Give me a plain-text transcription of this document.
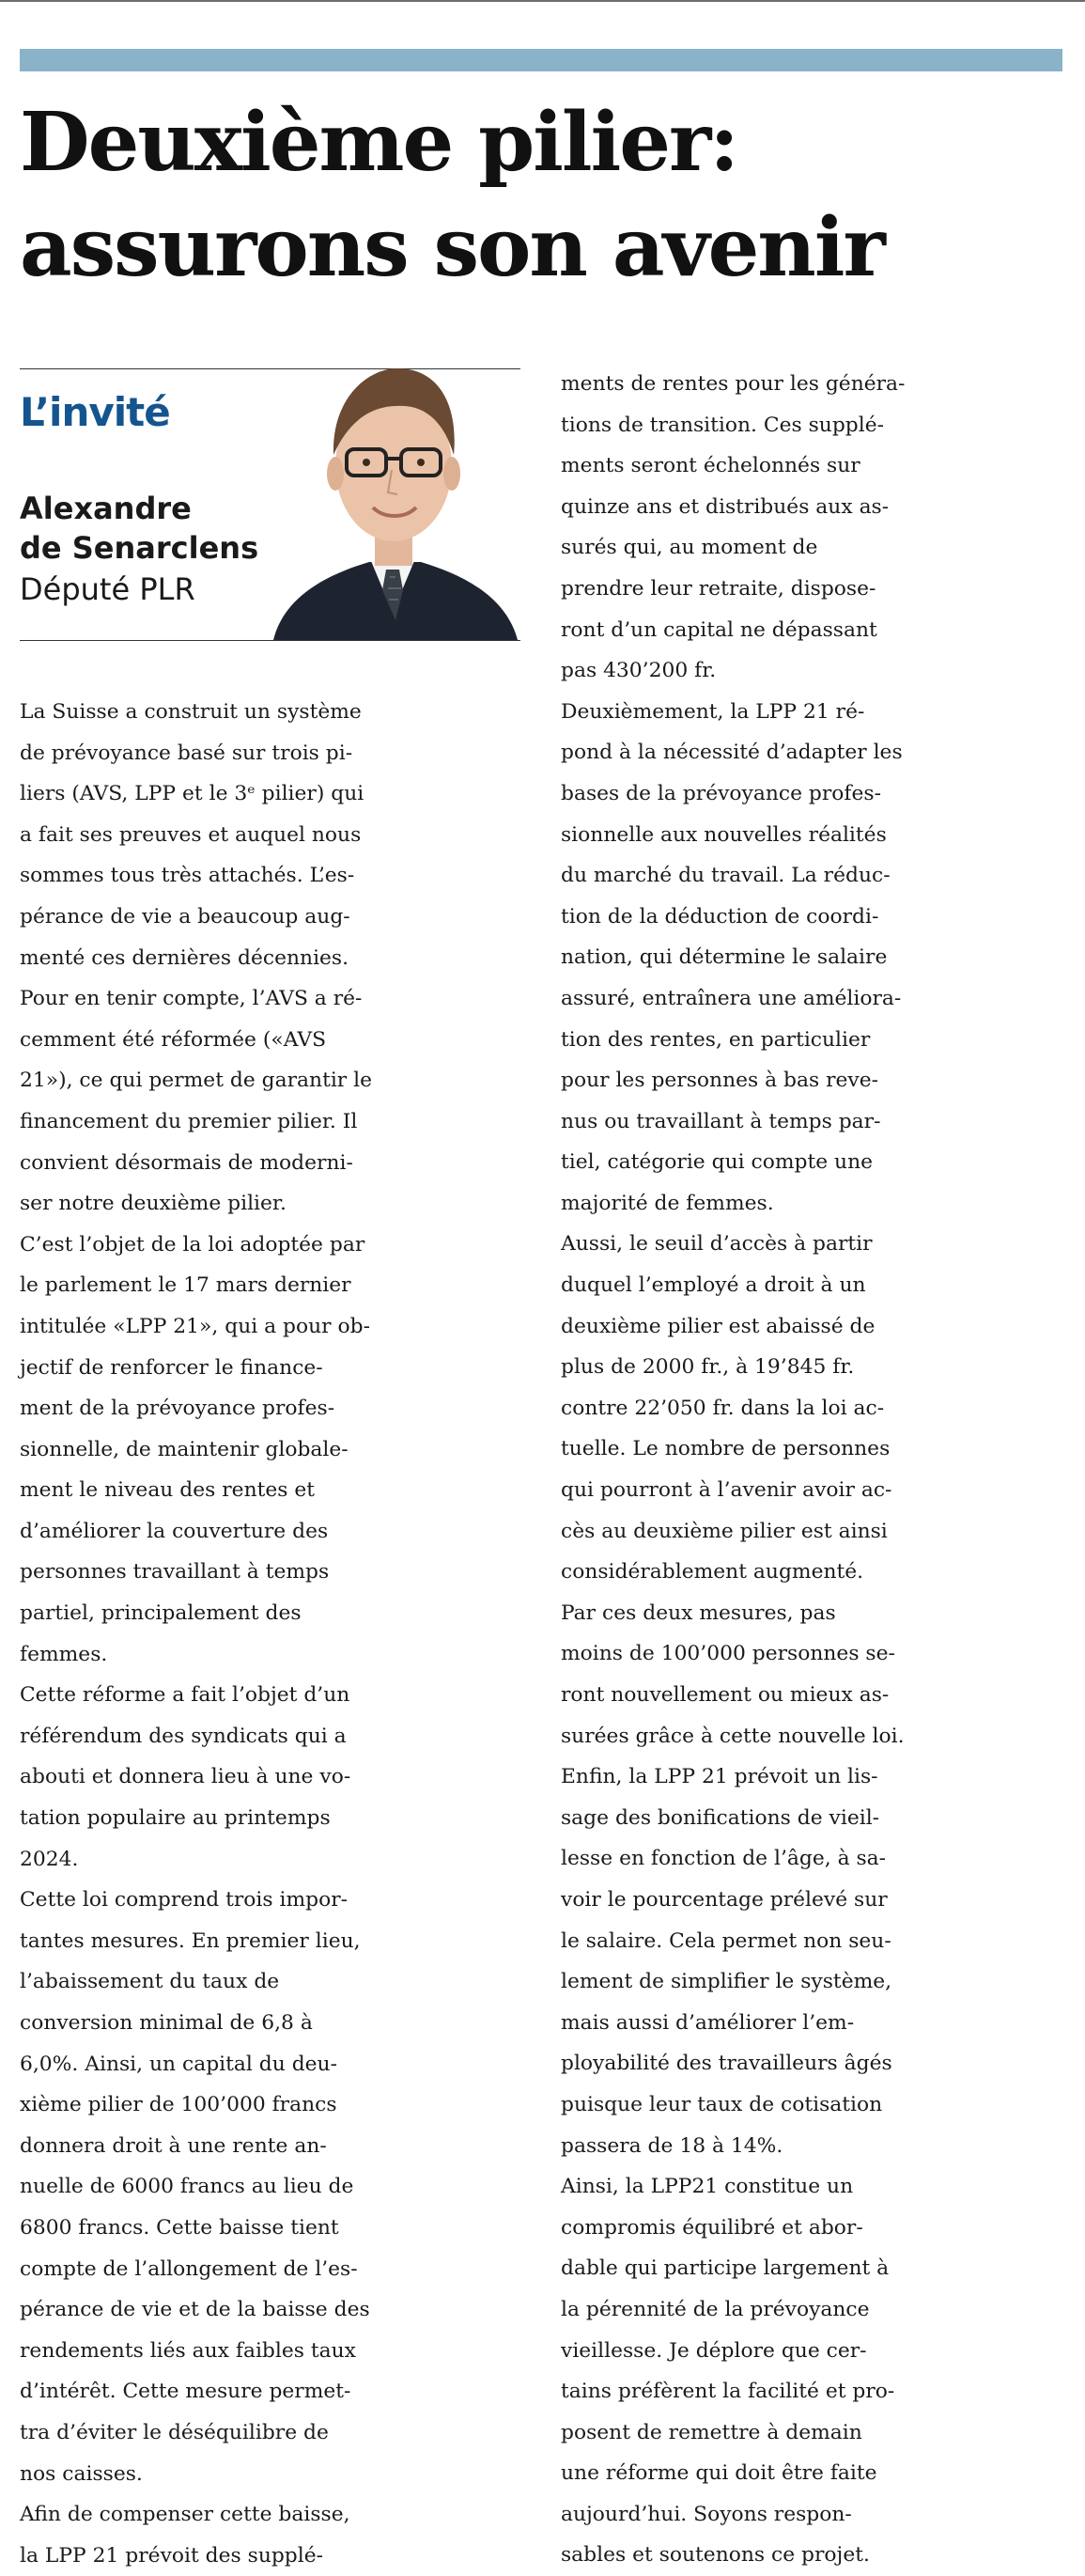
Deuxième pilier:
assurons son avenir
L’invité
Alexandre
de Senarclens
Député PLR
La Suisse a construit un système
de prévoyance basé sur trois pi-
liers (AVS, LPP et le 3ᵉ pilier) qui
a fait ses preuves et auquel nous
sommes tous très attachés. L’es-
pérance de vie a beaucoup aug-
menté ces dernières décennies.
Pour en tenir compte, l’AVS a ré-
cemment été réformée («AVS
21»), ce qui permet de garantir le
financement du premier pilier. Il
convient désormais de moderni-
ser notre deuxième pilier.
C’est l’objet de la loi adoptée par
le parlement le 17 mars dernier
intitulée «LPP 21», qui a pour ob-
jectif de renforcer le finance-
ment de la prévoyance profes-
sionnelle, de maintenir globale-
ment le niveau des rentes et
d’améliorer la couverture des
personnes travaillant à temps
partiel, principalement des
femmes.
Cette réforme a fait l’objet d’un
référendum des syndicats qui a
abouti et donnera lieu à une vo-
tation populaire au printemps
2024.
Cette loi comprend trois impor-
tantes mesures. En premier lieu,
l’abaissement du taux de
conversion minimal de 6,8 à
6,0%. Ainsi, un capital du deu-
xième pilier de 100’000 francs
donnera droit à une rente an-
nuelle de 6000 francs au lieu de
6800 francs. Cette baisse tient
compte de l’allongement de l’es-
pérance de vie et de la baisse des
rendements liés aux faibles taux
d’intérêt. Cette mesure permet-
tra d’éviter le déséquilibre de
nos caisses.
Afin de compenser cette baisse,
la LPP 21 prévoit des supplé-
ments de rentes pour les généra-
tions de transition. Ces supplé-
ments seront échelonnés sur
quinze ans et distribués aux as-
surés qui, au moment de
prendre leur retraite, dispose-
ront d’un capital ne dépassant
pas 430’200 fr.
Deuxièmement, la LPP 21 ré-
pond à la nécessité d’adapter les
bases de la prévoyance profes-
sionnelle aux nouvelles réalités
du marché du travail. La réduc-
tion de la déduction de coordi-
nation, qui détermine le salaire
assuré, entraînera une améliora-
tion des rentes, en particulier
pour les personnes à bas reve-
nus ou travaillant à temps par-
tiel, catégorie qui compte une
majorité de femmes.
Aussi, le seuil d’accès à partir
duquel l’employé a droit à un
deuxième pilier est abaissé de
plus de 2000 fr., à 19’845 fr.
contre 22’050 fr. dans la loi ac-
tuelle. Le nombre de personnes
qui pourront à l’avenir avoir ac-
cès au deuxième pilier est ainsi
considérablement augmenté.
Par ces deux mesures, pas
moins de 100’000 personnes se-
ront nouvellement ou mieux as-
surées grâce à cette nouvelle loi.
Enfin, la LPP 21 prévoit un lis-
sage des bonifications de vieil-
lesse en fonction de l’âge, à sa-
voir le pourcentage prélevé sur
le salaire. Cela permet non seu-
lement de simplifier le système,
mais aussi d’améliorer l’em-
ployabilité des travailleurs âgés
puisque leur taux de cotisation
passera de 18 à 14%.
Ainsi, la LPP21 constitue un
compromis équilibré et abor-
dable qui participe largement à
la pérennité de la prévoyance
vieillesse. Je déplore que cer-
tains préfèrent la facilité et pro-
posent de remettre à demain
une réforme qui doit être faite
aujourd’hui. Soyons respon-
sables et soutenons ce projet.
